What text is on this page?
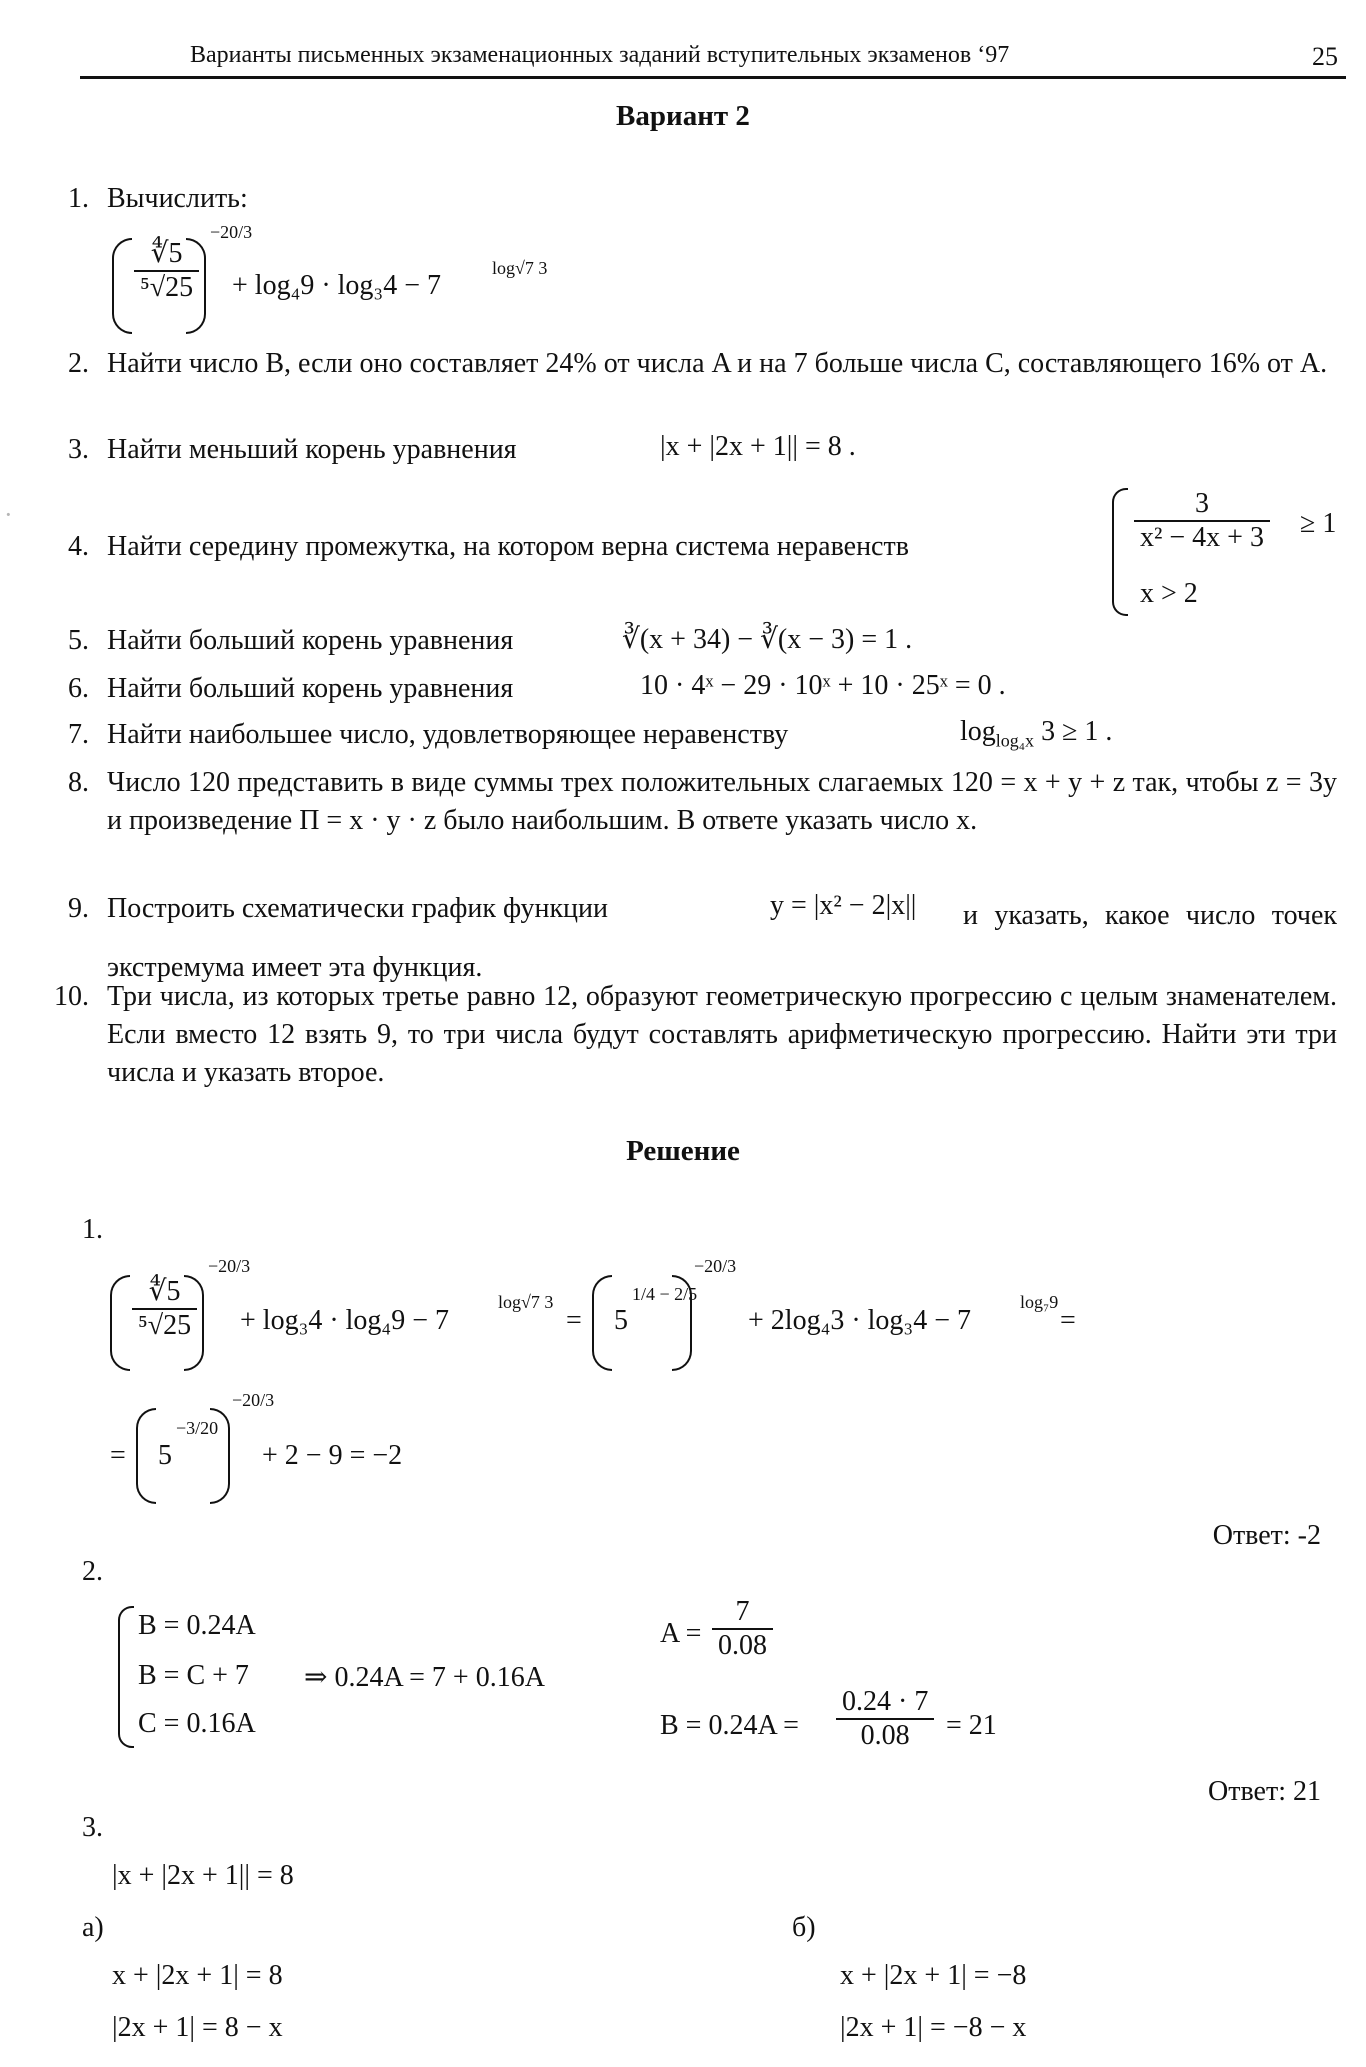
·
Варианты письменных экзаменационных заданий вступительных экзаменов ‘97	25
Вариант 2
1. Вычислить:
$\frac{∜5}{\text{⁵√25}}$
−20/3
+ log₄9 · log₃4 − 7
log√7 3
2. Найти число B, если оно составляет 24% от числа A и на 7 больше числа C, составляющего 16% от A.
3. Найти меньший корень уравнения	|x + |2x + 1|| = 8 .
4. Найти середину промежутка, на котором верна система неравенств	$\frac{3}{\text{x² − 4x + 3}} \ge 1$
x > 2
5. Найти больший корень уравнения	∛(x + 34) − ∛(x − 3) = 1 .
6. Найти больший корень уравнения	10 · 4ˣ − 29 · 10ˣ + 10 · 25ˣ = 0 .
7. Найти наибольшее число, удовлетворяющее неравенству	$\log_{log_4x} 3 \ge 1$ .
8. Число 120 представить в виде суммы трех положительных слагаемых 120 = x + y + z так, чтобы z = 3y и произведение П = x · y · z было наибольшим. В ответе указать число x.
9. Построить схематически график функции	y = |x² − 2|x||	и указать, какое число точек экстремума имеет эта функция.
10. Три числа, из которых третье равно 12, образуют геометрическую прогрессию с целым знаменателем. Если вместо 12 взять 9, то три числа будут составлять арифметическую прогрессию. Найти эти три числа и указать второе.
Решение
1.
$\frac{∜5}{\text{⁵√25}}$
−20/3
+ log₃4 · log₄9 − 7
log√7 3
= 5
1/4 − 2/5
−20/3
+ 2log₄3 · log₃4 − 7
log₇9
=
= 5
−3/20
−20/3
+ 2 − 9 = −2
Ответ: -2
2.
B = 0.24A
B = C + 7 ⇒ 0.24A = 7 + 0.16A
C = 0.16A
$A = \frac{7}{0.08}$
$B = 0.24A = \frac{0.24 \cdot 7}{0.08} = 21$
Ответ: 21
3.
|x + |2x + 1|| = 8
а)	б)
x + |2x + 1| = 8
|2x + 1| = 8 − x
x + |2x + 1| = −8
|2x + 1| = −8 − x
